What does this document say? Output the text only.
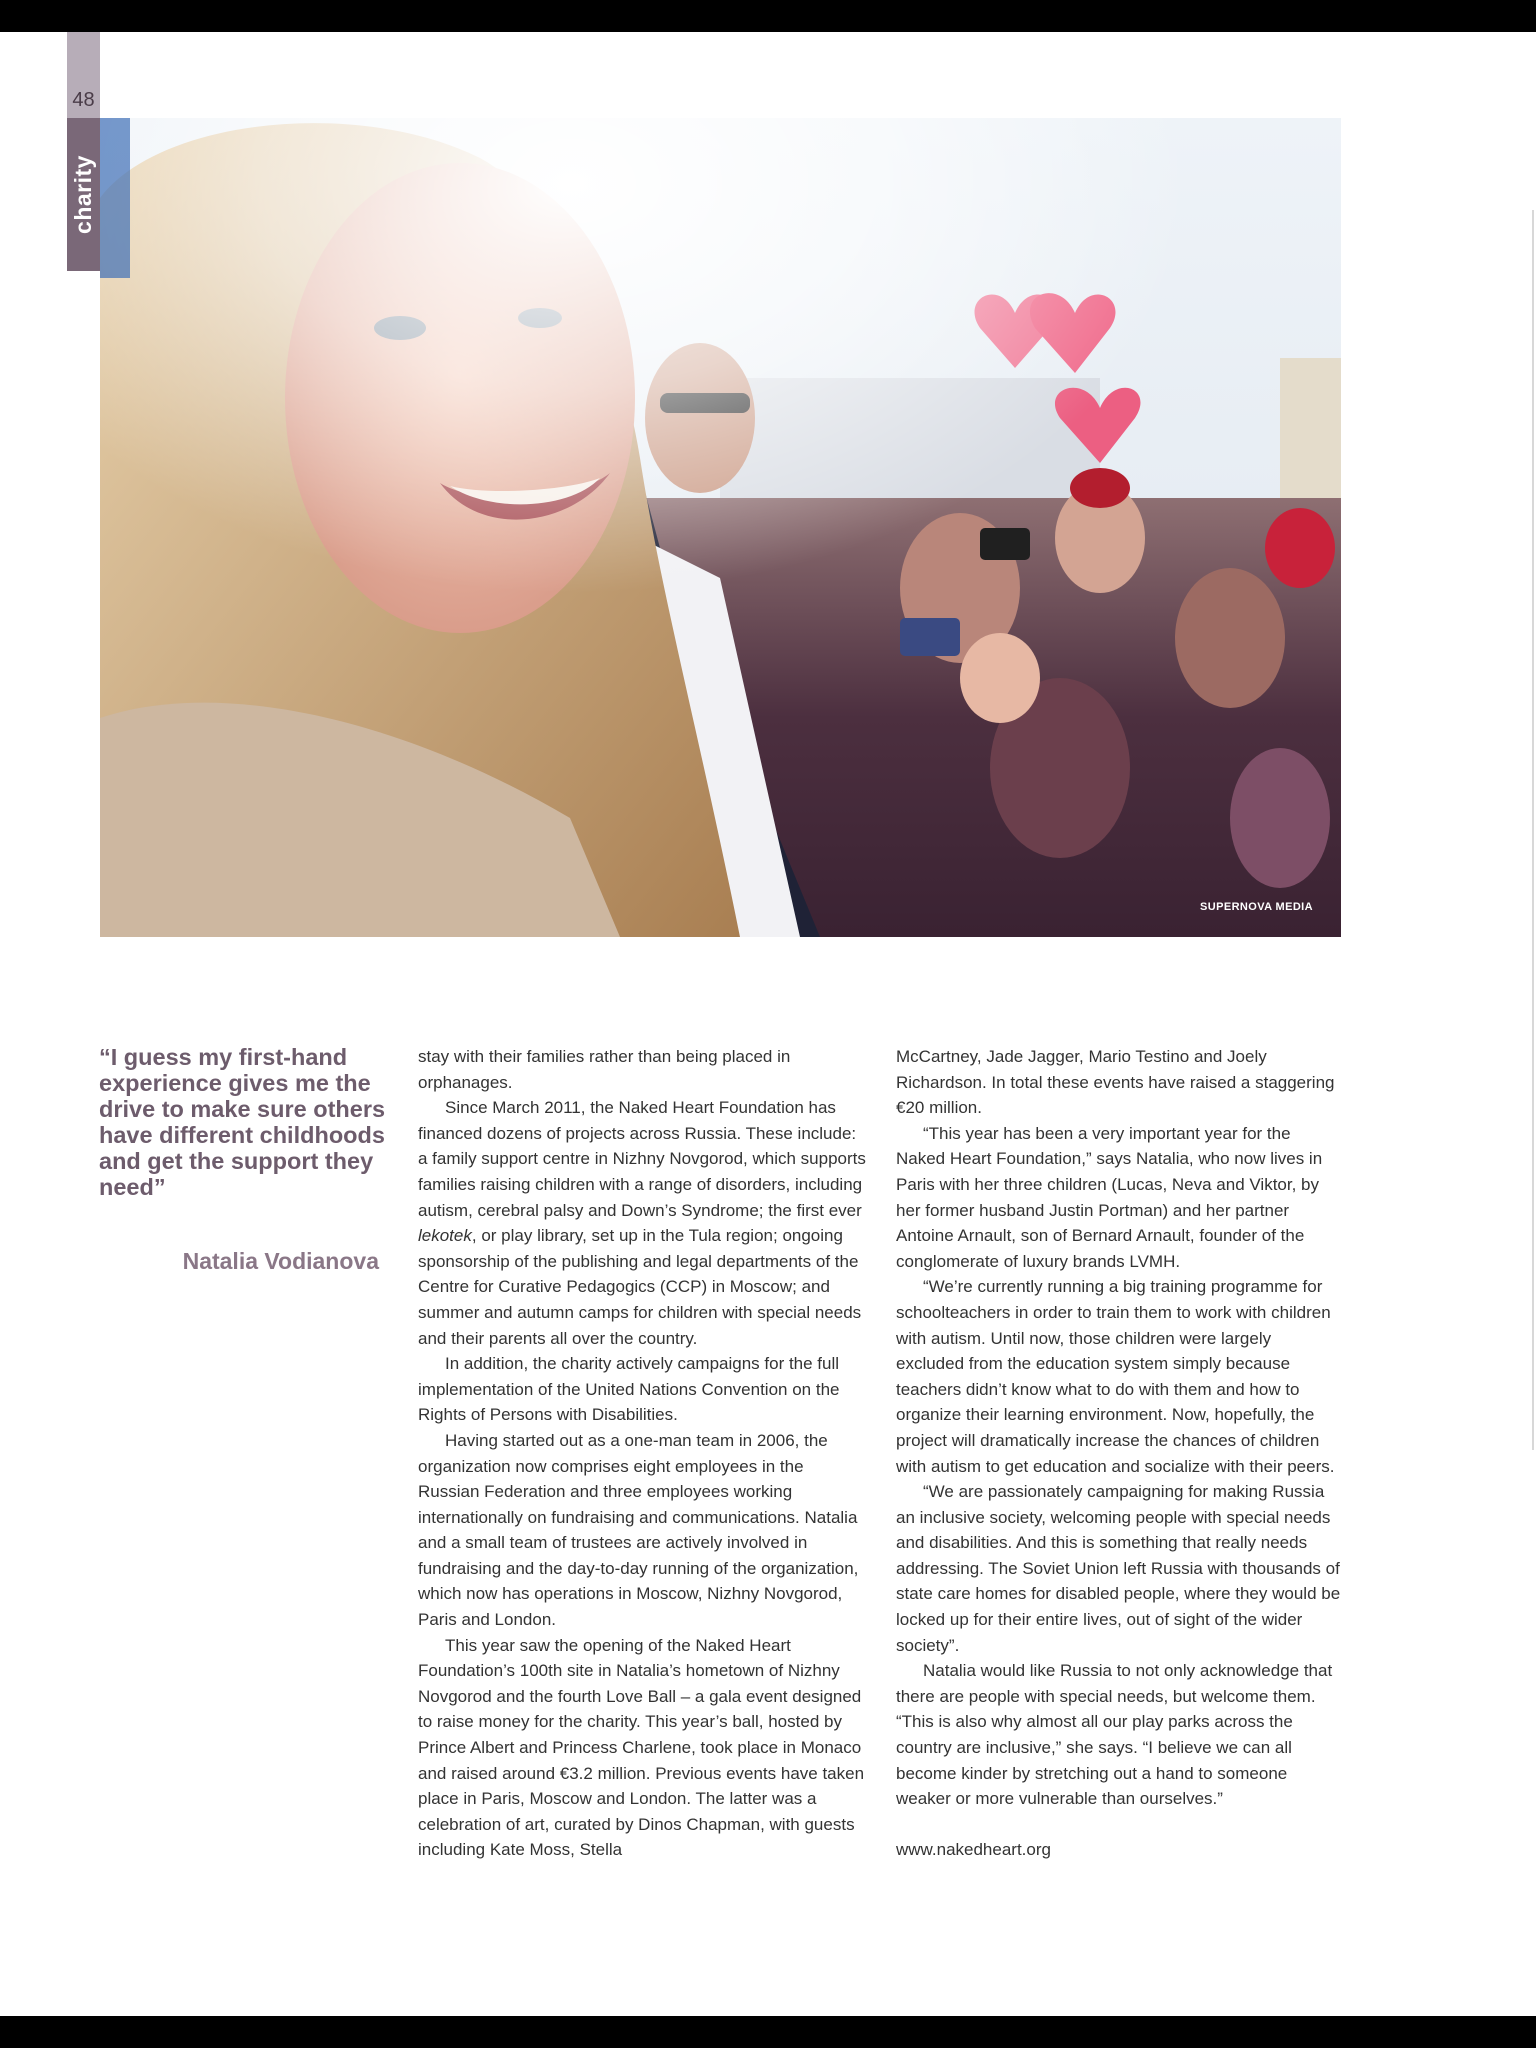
48
charity
SUPERNOVA MEDIA
“I guess my first-hand experience gives me the drive to make sure others have different childhoods and get the support they need”
Natalia Vodianova

stay with their families rather than being placed in orphanages.

Since March 2011, the Naked Heart Foundation has financed dozens of projects across Russia. These include: a family support centre in Nizhny Novgorod, which supports families raising children with a range of disorders, including autism, cerebral palsy and Down’s Syndrome; the first ever lekotek, or play library, set up in the Tula region; ongoing sponsorship of the publishing and legal departments of the Centre for Curative Pedagogics (CCP) in Moscow; and summer and autumn camps for children with special needs and their parents all over the country.

In addition, the charity actively campaigns for the full implementation of the United Nations Convention on the Rights of Persons with Disabilities.

Having started out as a one-man team in 2006, the organization now comprises eight employees in the Russian Federation and three employees working internationally on fundraising and communications. Natalia and a small team of trustees are actively involved in fundraising and the day-to-day running of the organization, which now has operations in Moscow, Nizhny Novgorod, Paris and London.

This year saw the opening of the Naked Heart Foundation’s 100th site in Natalia’s hometown of Nizhny Novgorod and the fourth Love Ball – a gala event designed to raise money for the charity. This year’s ball, hosted by Prince Albert and Princess Charlene, took place in Monaco and raised around €3.2 million. Previous events have taken place in Paris, Moscow and London. The latter was a celebration of art, curated by Dinos Chapman, with guests including Kate Moss, Stella

McCartney, Jade Jagger, Mario Testino and Joely Richardson. In total these events have raised a staggering €20 million.

“This year has been a very important year for the Naked Heart Foundation,” says Natalia, who now lives in Paris with her three children (Lucas, Neva and Viktor, by her former husband Justin Portman) and her partner Antoine Arnault, son of Bernard Arnault, founder of the conglomerate of luxury brands LVMH.

“We’re currently running a big training programme for schoolteachers in order to train them to work with children with autism. Until now, those children were largely excluded from the education system simply because teachers didn’t know what to do with them and how to organize their learning environment. Now, hopefully, the project will dramatically increase the chances of children with autism to get education and socialize with their peers.

“We are passionately campaigning for making Russia an inclusive society, welcoming people with special needs and disabilities. And this is something that really needs addressing. The Soviet Union left Russia with thousands of state care homes for disabled people, where they would be locked up for their entire lives, out of sight of the wider society”.

Natalia would like Russia to not only acknowledge that there are people with special needs, but welcome them. “This is also why almost all our play parks across the country are inclusive,” she says. “I believe we can all become kinder by stretching out a hand to someone weaker or more vulnerable than ourselves.”

www.nakedheart.org
